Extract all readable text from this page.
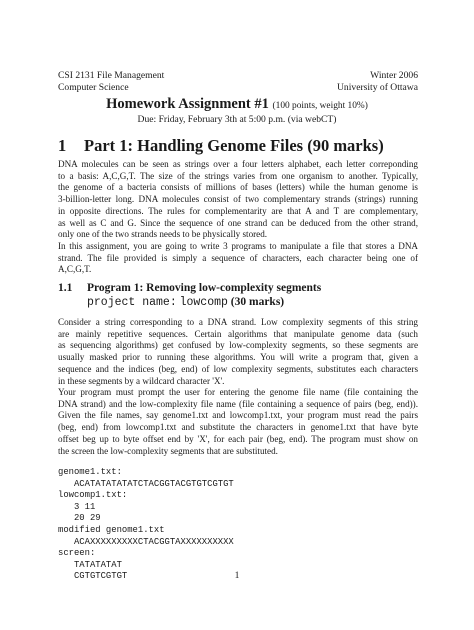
CSI 2131 File Management	Winter 2006
Computer Science	University of Ottawa
Homework Assignment #1 (100 points, weight 10%)
Due: Friday, February 3th at 5:00 p.m. (via webCT)
1 Part 1: Handling Genome Files (90 marks)
DNA molecules can be seen as strings over a four letters alphabet, each letter correponding
to a basis: A,C,G,T. The size of the strings varies from one organism to another. Typically,
the genome of a bacteria consists of millions of bases (letters) while the human genome is
3-billion-letter long. DNA molecules consist of two complementary strands (strings) running
in opposite directions. The rules for complementarity are that A and T are complementary,
as well as C and G. Since the sequence of one strand can be deduced from the other strand,
only one of the two strands needs to be physically stored.
In this assignment, you are going to write 3 programs to manipulate a file that stores a DNA
strand. The file provided is simply a sequence of characters, each character being one of
A,C,G,T.
1.1 Program 1: Removing low-complexity segments
project name: lowcomp (30 marks)
Consider a string corresponding to a DNA strand. Low complexity segments of this string
are mainly repetitive sequences. Certain algorithms that manipulate genome data (such
as sequencing algorithms) get confused by low-complexity segments, so these segments are
usually masked prior to running these algorithms. You will write a program that, given a
sequence and the indices (beg, end) of low complexity segments, substitutes each characters
in these segments by a wildcard character 'X'.
Your program must prompt the user for entering the genome file name (file containing the
DNA strand) and the low-complexity file name (file containing a sequence of pairs (beg, end)).
Given the file names, say genome1.txt and lowcomp1.txt, your program must read the pairs
(beg, end) from lowcomp1.txt and substitute the characters in genome1.txt that have byte
offset beg up to byte offset end by 'X', for each pair (beg, end). The program must show on
the screen the low-complexity segments that are substituted.
genome1.txt:
ACATATATATATCTACGGTACGTGTCGTGT
lowcomp1.txt:
3 11
20 29
modified genome1.txt
ACAXXXXXXXXXCTACGGTAXXXXXXXXXX
screen:
TATATATAT
CGTGTCGTGT	1
